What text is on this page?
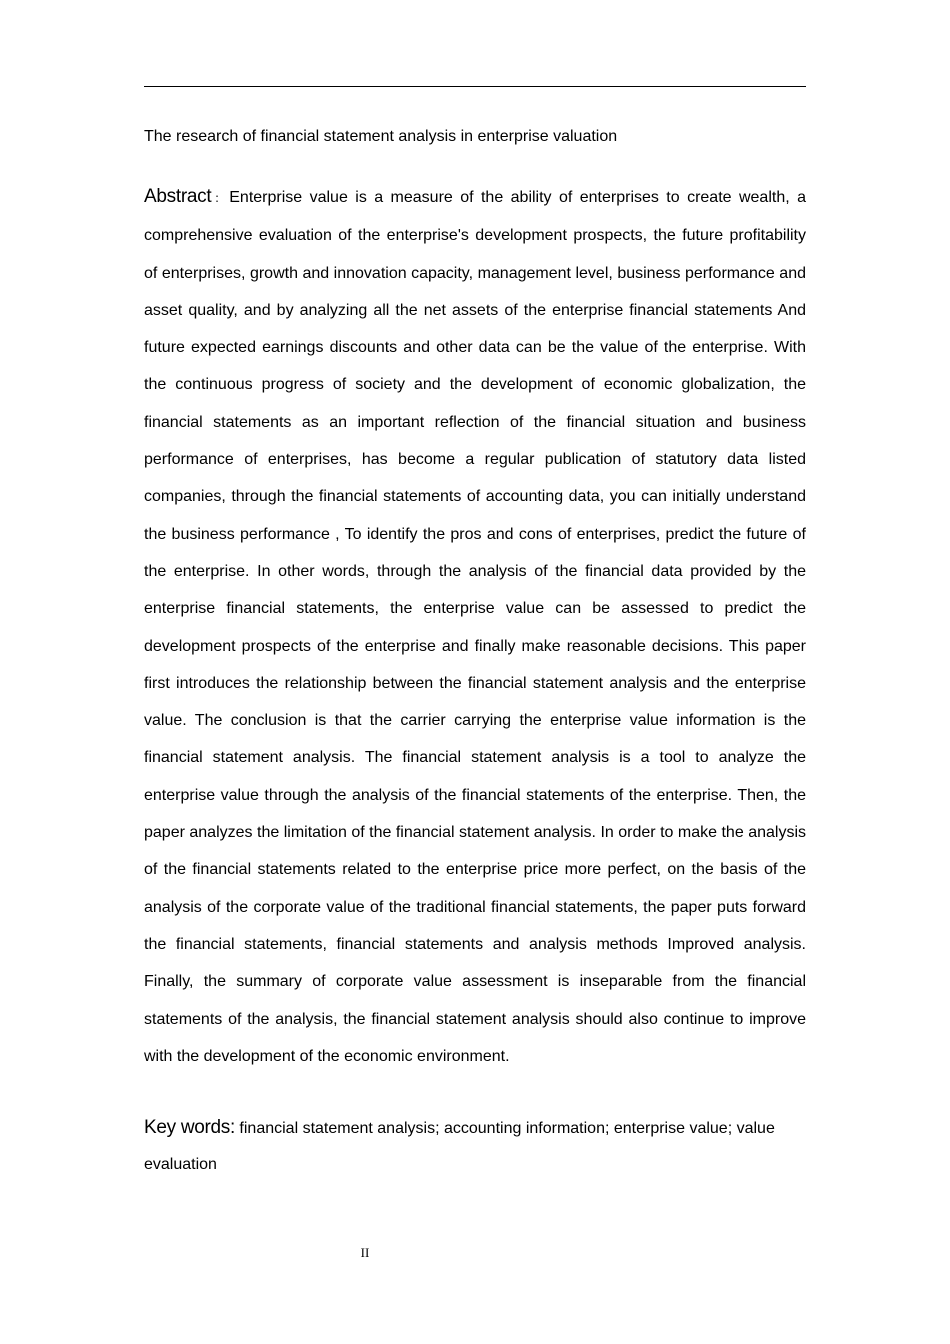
The research of financial statement analysis in enterprise valuation

Abstract：Enterprise value is a measure of the ability of enterprises to create wealth, a comprehensive evaluation of the enterprise's development prospects, the future profitability of enterprises, growth and innovation capacity, management level, business performance and asset quality, and by analyzing all the net assets of the enterprise financial statements And future expected earnings discounts and other data can be the value of the enterprise. With the continuous progress of society and the development of economic globalization, the financial statements as an important reflection of the financial situation and business performance of enterprises, has become a regular publication of statutory data listed companies, through the financial statements of accounting data, you can initially understand the business performance , To identify the pros and cons of enterprises, predict the future of the enterprise. In other words, through the analysis of the financial data provided by the enterprise financial statements, the enterprise value can be assessed to predict the development prospects of the enterprise and finally make reasonable decisions. This paper first introduces the relationship between the financial statement analysis and the enterprise value. The conclusion is that the carrier carrying the enterprise value information is the financial statement analysis. The financial statement analysis is a tool to analyze the enterprise value through the analysis of the financial statements of the enterprise. Then, the paper analyzes the limitation of the financial statement analysis. In order to make the analysis of the financial statements related to the enterprise price more perfect, on the basis of the analysis of the corporate value of the traditional financial statements, the paper puts forward the financial statements, financial statements and analysis methods Improved analysis. Finally, the summary of corporate value assessment is inseparable from the financial statements of the analysis, the financial statement analysis should also continue to improve with the development of the economic environment.

Key words: financial statement analysis; accounting information; enterprise value; value evaluation

II
